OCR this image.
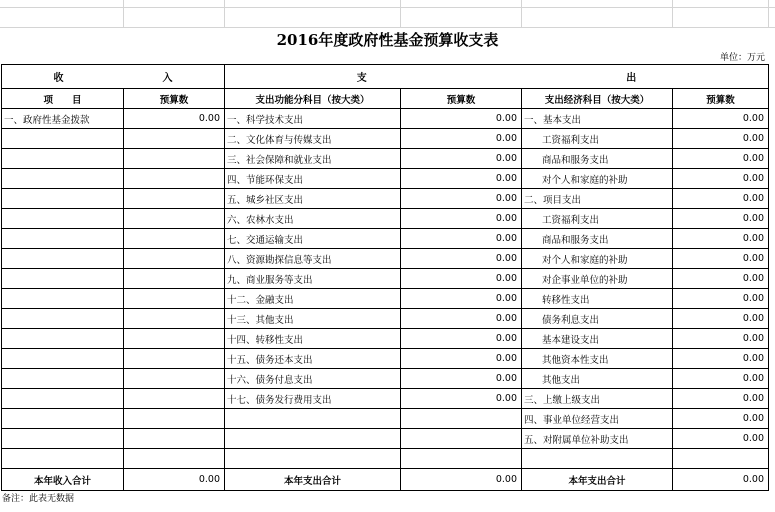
2016年度政府性基金预算收支表
单位：万元
收 入		支 出			

项　　目	预算数	支出功能分科目（按大类）	预算数	支出经济科目（按大类）	预算数
一、政府性基金拨款	0.00	一、科学技术支出	0.00	一、基本支出	0.00
		二、文化体育与传媒支出	0.00	工资福利支出	0.00
		三、社会保障和就业支出	0.00	商品和服务支出	0.00
		四、节能环保支出	0.00	对个人和家庭的补助	0.00
		五、城乡社区支出	0.00	二、项目支出	0.00
		六、农林水支出	0.00	工资福利支出	0.00
		七、交通运输支出	0.00	商品和服务支出	0.00
		八、资源勘探信息等支出	0.00	对个人和家庭的补助	0.00
		九、商业服务等支出	0.00	对企事业单位的补助	0.00
		十二、金融支出	0.00	转移性支出	0.00
		十三、其他支出	0.00	债务利息支出	0.00
		十四、转移性支出	0.00	基本建设支出	0.00
		十五、债务还本支出	0.00	其他资本性支出	0.00
		十六、债务付息支出	0.00	其他支出	0.00
		十七、债务发行费用支出	0.00	三、上缴上级支出	0.00
				四、事业单位经营支出	0.00
				五、对附属单位补助支出	0.00

本年收入合计	0.00	本年支出合计	0.00	本年支出合计	0.00
备注：此表无数据
